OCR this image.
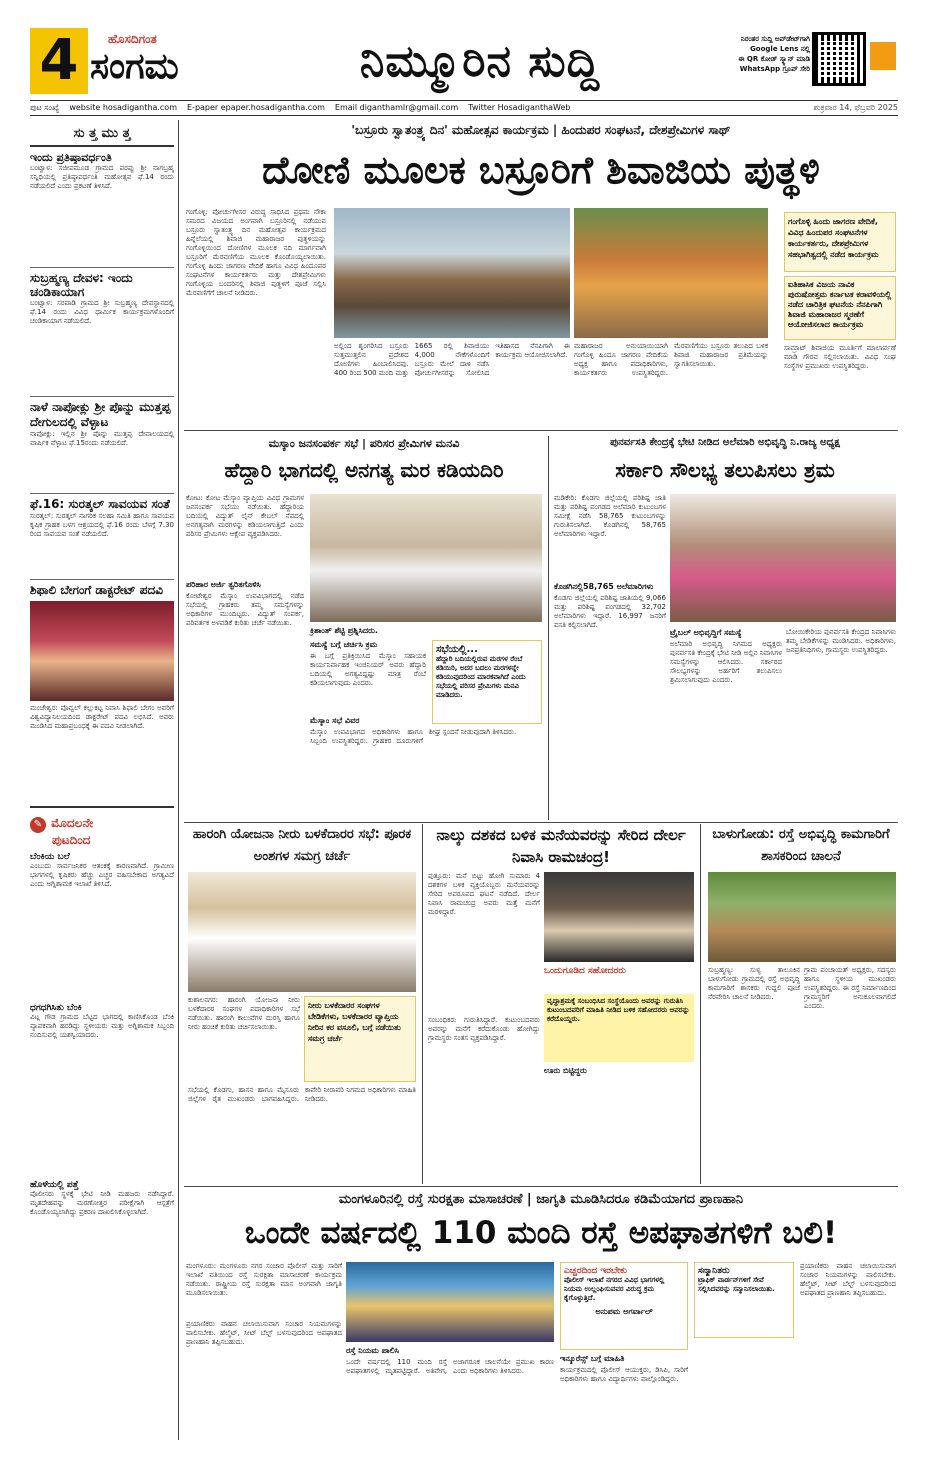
4	ಹೊಸದಿಗಂತ
ಸಂಗಮ	ನಿಮ್ಮೂರಿನ ಸುದ್ದಿ	ನಿರಂತರ ಸುದ್ದಿ ಅಪ್‌ಡೇಟ್‌ಗಾಗಿ
Google Lens ನಲ್ಲಿ
ಈ QR ಕೋಡ್ ಸ್ಕ್ಯಾನ್ ಮಾಡಿ
WhatsApp ಗ್ರೂಪ್ ಸೇರಿ
ಪುಟ ಸಂಖ್ಯೆ website hosadigantha.com E-paper epaper.hosadigantha.com Email diganthamlr@gmail.com Twitter HosadiganthaWeb	ಶುಕ್ರವಾರ 14, ಫೆಬ್ರವರಿ 2025
ಸು ತ್ತ ಮು ತ್ತ
ಇಂದು ಪ್ರತಿಷ್ಠಾವರ್ಧಂತಿ
ಬಂಟ್ವಾಳ: ಸಜೀಪಮೂಡ ಗ್ರಾಮದ ಪರಪ್ಪು ಶ್ರೀ ನಾಗಬ್ರಹ್ಮ ಸನ್ನಿಧಿಯಲ್ಲಿ ಪ್ರತಿಷ್ಠಾವರ್ಧಂತಿ ಮಹೋತ್ಸವ ಫೆ.14 ರಂದು ನಡೆಯಲಿದೆ ಎಂದು ಪ್ರಕಟಣೆ ತಿಳಿಸಿದೆ.
ಸುಬ್ರಹ್ಮಣ್ಯ ದೇವಳ: ಇಂದು ಚಂಡಿಕಾಯಾಗ
ಬಂಟ್ವಾಳ: ಸರಪಾಡಿ ಗ್ರಾಮದ ಶ್ರೀ ಸುಬ್ರಹ್ಮಣ್ಯ ದೇವಸ್ಥಾನದಲ್ಲಿ ಫೆ.14 ರಂದು ವಿವಿಧ ಧಾರ್ಮಿಕ ಕಾರ್ಯಕ್ರಮಗಳೊಂದಿಗೆ ಚಂಡಿಕಾಯಾಗ ನಡೆಯಲಿದೆ.
ನಾಳೆ ನಾಪೋಕ್ಲು ಶ್ರೀ ಪೊನ್ನು ಮುತ್ತಪ್ಪ ದೇಗುಲದಲ್ಲಿ ವೆಳ್ಳಾಟ
ನಾಪೋಕ್ಲು: ಇಲ್ಲಿನ ಶ್ರೀ ಪೊನ್ನು ಮುತ್ತಪ್ಪ ದೇವಾಲಯದಲ್ಲಿ ವಾರ್ಷಿಕ ವೆಳ್ಳಾಟ ಫೆ.15ರಂದು ನಡೆಯಲಿದೆ.
ಫೆ.16: ಸುರತ್ಕಲ್ ಸಾವಯವ ಸಂತೆ
ಸುರತ್ಕಲ್: ಸುರತ್ಕಲ್ ನಾಗರಿಕ ಸಲಹಾ ಸಮಿತಿ ಹಾಗೂ ಸಾವಯವ ಕೃಷಿಕ ಗ್ರಾಹಕ ಬಳಗ ಆಶ್ರಯದಲ್ಲಿ ಫೆ.16 ರಂದು ಬೆಳಗ್ಗೆ 7.30 ರಿಂದ ಸಾವಯವ ಸಂತೆ ನಡೆಯಲಿದೆ.
ಶಿಫಾಲಿ ಬೇಗಂಗೆ ಡಾಕ್ಟರೇಟ್ ಪದವಿ
ಮಂಜೇಶ್ವರ: ಪೊವ್ವಲ್ ಕಲ್ಲುಕಟ್ಟ ನಿವಾಸಿ ಶಿಫಾಲಿ ಬೇಗಂ ಅವರಿಗೆ ವಿಶ್ವವಿದ್ಯಾನಿಲಯದಿಂದ ಡಾಕ್ಟರೇಟ್ ಪದವಿ ಲಭಿಸಿದೆ. ಅವರು ಮಂಡಿಸಿದ ಮಹಾಪ್ರಬಂಧಕ್ಕೆ ಈ ಪದವಿ ನೀಡಲಾಗಿದೆ.
✎ ಮೊದಲನೇ
ಪುಟದಿಂದ
ಬೆಂಕಿಯ ಬಲೆ
ಎಂಬುದು ಸಾರ್ವಜನಿಕರ ಆತಂಕಕ್ಕೆ ಕಾರಣವಾಗಿದೆ. ಗ್ರಾಮೀಣ ಭಾಗಗಳಲ್ಲಿ ಕೃಷಿಕರು ಹೆಚ್ಚು ಎಚ್ಚರ ವಹಿಸಬೇಕಾದ ಅಗತ್ಯವಿದೆ ಎಂದು ಅಗ್ನಿಶಾಮಕ ಇಲಾಖೆ ತಿಳಿಸಿದೆ.
ಧಗಧಗಿಸಿತು ಬೆಂಕಿ
ವಿಟ್ಲ ಗೌಡ ಗ್ರಾಮದ ಬೆಟ್ಟದ ಭಾಗದಲ್ಲಿ ಕಾಣಿಸಿಕೊಂಡ ಬೆಂಕಿ ವ್ಯಾಪಕವಾಗಿ ಹರಡಿದ್ದು ಸ್ಥಳೀಯರು ಮತ್ತು ಅಗ್ನಿಶಾಮಕ ಸಿಬ್ಬಂದಿ ನಂದಿಸುವಲ್ಲಿ ಯಶಸ್ವಿಯಾದರು.
ಹೊಳೆಯಲ್ಲಿ ಪತ್ತೆ
ಪೊಲೀಸರು ಸ್ಥಳಕ್ಕೆ ಭೇಟಿ ನೀಡಿ ಮಹಜರು ನಡೆಸಿದ್ದಾರೆ. ಮೃತದೇಹವನ್ನು ಮರಣೋತ್ತರ ಪರೀಕ್ಷೆಗಾಗಿ ಆಸ್ಪತ್ರೆಗೆ ಕೊಂಡೊಯ್ಯಲಾಗಿದ್ದು ಪ್ರಕರಣ ದಾಖಲಿಸಿಕೊಳ್ಳಲಾಗಿದೆ.
'ಬಸ್ರೂರು ಸ್ವಾತಂತ್ರ್ಯ ದಿನ' ಮಹೋತ್ಸವ ಕಾರ್ಯಕ್ರಮ | ಹಿಂದುಪರ ಸಂಘಟನೆ, ದೇಶಪ್ರೇಮಿಗಳ ಸಾಥ್
ದೋಣಿ ಮೂಲಕ ಬಸ್ರೂರಿಗೆ ಶಿವಾಜಿಯ ಪುತ್ಥಳಿ
ಗಂಗೊಳ್ಳಿ: ಪೋರ್ಚುಗೀಸರ ವಿರುದ್ಧ ಸಾಧಿಸಿದ ಪ್ರಥಮ ನೌಕಾ ಸಮರದ ವಿಜಯದ ಅಂಗವಾಗಿ ಬಸ್ರೂರಿನಲ್ಲಿ ನಡೆಯುವ ಬಸ್ರೂರು ಸ್ವಾತಂತ್ರ್ಯ ದಿನ ಮಹೋತ್ಸವ ಕಾರ್ಯಕ್ರಮದ ಹಿನ್ನೆಲೆಯಲ್ಲಿ ಶಿವಾಜಿ ಮಹಾರಾಜರ ಪುತ್ಥಳಿಯನ್ನು ಗಂಗೊಳ್ಳಿಯಿಂದ ದೋಣಿಗಳ ಮೂಲಕ ನದಿ ಮಾರ್ಗವಾಗಿ ಬಸ್ರೂರಿಗೆ ಮೆರವಣಿಗೆಯ ಮೂಲಕ ಕೊಂಡೊಯ್ಯಲಾಯಿತು. ಗಂಗೊಳ್ಳಿ ಹಿಂದು ಜಾಗರಣ ವೇದಿಕೆ ಹಾಗೂ ವಿವಿಧ ಹಿಂದೂಪರ ಸಂಘಟನೆಗಳ ಕಾರ್ಯಕರ್ತರು ಮತ್ತು ದೇಶಪ್ರೇಮಿಗಳು ಗಂಗೊಳ್ಳಿಯ ಬಂದರಿನಲ್ಲಿ ಶಿವಾಜಿ ಪುತ್ಥಳಿಗೆ ಪೂಜೆ ಸಲ್ಲಿಸಿ ಮೆರವಣಿಗೆಗೆ ಚಾಲನೆ ನೀಡಿದರು.
ಅಲ್ಲಿಂದ ಶೃಂಗರಿಸಿದ ಬಸ್ರೂರು ಸುತ್ತಮುತ್ತಲಿನ ಪ್ರದೇಶದ ದೋಣಿಗಳು ಹಿಂಬಾಲಿಸಿದವು. 400 ರಿಂದ 500 ಮಂದಿ ಮತ್ತು 1665 ರಲ್ಲಿ ಶಿವಾಜಿಯು 4,000 ನೌಕೆಗಳೊಂದಿಗೆ ಬಸ್ರೂರು ಮೇಲೆ ದಾಳಿ ನಡೆಸಿ ಪೋರ್ಚುಗೀಸರನ್ನು ಸೋಲಿಸಿದ ಇತಿಹಾಸದ ನೆನಪಿಗಾಗಿ ಈ ಕಾರ್ಯಕ್ರಮ ಆಯೋಜಿಸಲಾಗಿದೆ.
ಮಹಾರಾಜರ ಅನುಯಾಯಿಯಾಗಿ ಗಂಗೊಳ್ಳಿ ಹಿಂದೂ ಜಾಗರಣ ವೇದಿಕೆಯ ಅಧ್ಯಕ್ಷ ಹಾಗೂ ಪದಾಧಿಕಾರಿಗಳು, ಕಾರ್ಯಕರ್ತರು ಉಪಸ್ಥಿತರಿದ್ದರು. ಮೆರವಣಿಗೆಯು ಬಸ್ರೂರು ತಲುಪಿದ ಬಳಿಕ ಶಿವಾಜಿ ಮಹಾರಾಜರ ಪ್ರತಿಮೆಯನ್ನು ಸ್ವಾಗತಿಸಲಾಯಿತು.
ಗಂಗೊಳ್ಳಿ ಹಿಂದು ಜಾಗರಣ ವೇದಿಕೆ, ವಿವಿಧ ಹಿಂದುಪರ ಸಂಘಟನೆಗಳ ಕಾರ್ಯಕರ್ತರು, ದೇಶಪ್ರೇಮಿಗಳ ಸಹಭಾಗಿತ್ವದಲ್ಲಿ ನಡೆದ ಕಾರ್ಯಕ್ರಮ
ಐತಿಹಾಸಿಕ ವಿಜಯ ನಾವಿಕ ಪುರುಷೋತ್ತಮ ಕರ್ನಾಟಕ ಕರಾವಳಿಯಲ್ಲಿ ನಡೆದ ಚಾರಿತ್ರಿಕ ಘಟನೆಯ ನೆನಪಿಗಾಗಿ ಶಿವಾಜಿ ಮಹಾರಾಜರ ಸ್ಮರಣೆಗೆ ಆಯೋಜಿಸಲಾದ ಕಾರ್ಯಕ್ರಮ
ಸಾಮ್ರಾಟ್ ಶಿವಾಜಿಯ ಮೂರ್ತಿಗೆ ಮಾಲಾರ್ಪಣೆ ಮಾಡಿ ಗೌರವ ಸಲ್ಲಿಸಲಾಯಿತು. ವಿವಿಧ ಸಂಘ ಸಂಸ್ಥೆಗಳ ಪ್ರಮುಖರು ಉಪಸ್ಥಿತರಿದ್ದರು.
ಮಸ್ಕಾಂ ಜನಸಂಪರ್ಕ ಸಭೆ | ಪರಿಸರ ಪ್ರೇಮಿಗಳ ಮನವಿ
ಹೆದ್ದಾರಿ ಭಾಗದಲ್ಲಿ ಅನಗತ್ಯ ಮರ ಕಡಿಯದಿರಿ
ಕೋಟ: ಕೋಟ ಮೆಸ್ಕಾಂ ವ್ಯಾಪ್ತಿಯ ವಿವಿಧ ಗ್ರಾಮಗಳ ಜನಸಂಪರ್ಕ ಸಭೆಯು ನಡೆಯಿತು. ಹೆದ್ದಾರಿಯ ಬದಿಯಲ್ಲಿ ವಿದ್ಯುತ್ ಲೈನ್ ಕೇಬಲ್ ನೆಪದಲ್ಲಿ ಅನಗತ್ಯವಾಗಿ ಮರಗಳನ್ನು ಕಡಿಯಲಾಗುತ್ತಿದೆ ಎಂದು ಪರಿಸರ ಪ್ರೇಮಿಗಳು ಆಕ್ಷೇಪ ವ್ಯಕ್ತಪಡಿಸಿದರು.
ಪರಿಹಾರ ಅರ್ಜಿ ತ್ವರಿತಗೊಳಿಸಿ
ಕೋಟೇಶ್ವರ ಮೆಸ್ಕಾಂ ಉಪವಿಭಾಗದಲ್ಲಿ ನಡೆದ ಸಭೆಯಲ್ಲಿ ಗ್ರಾಹಕರು ತಮ್ಮ ಸಮಸ್ಯೆಗಳನ್ನು ಅಧಿಕಾರಿಗಳ ಮುಂದಿಟ್ಟರು. ವಿದ್ಯುತ್ ಸಂಪರ್ಕ, ಪರಿವರ್ತಕ ಅಳವಡಿಕೆ ಕುರಿತು ಚರ್ಚೆ ನಡೆಯಿತು.
ಕ್ರಿಶಾಂತ್ ಶೆಟ್ಟಿ ಪ್ರಶ್ನಿಸಿದರು.
ಸಮಸ್ಯೆ ಬಗ್ಗೆ ಚರ್ಚಿಸಿ ಕ್ರಮ
ಈ ಬಗ್ಗೆ ಪ್ರತಿಕ್ರಿಯಿಸಿದ ಮೆಸ್ಕಾಂ ಸಹಾಯಕ ಕಾರ್ಯನಿರ್ವಾಹಕ ಇಂಜಿನಿಯರ್ ಅವರು ಹೆದ್ದಾರಿ ಬದಿಯಲ್ಲಿ ಅಗತ್ಯವಿದ್ದಷ್ಟು ಮಾತ್ರ ರೆಂಬೆ ಕಡಿಯಲಾಗುವುದು ಎಂದರು.
ಮೆಸ್ಕಾಂ ಸಭೆ ವಿವರ
ಮೆಸ್ಕಾಂ ಉಪವಿಭಾಗದ ಅಧಿಕಾರಿಗಳು ಹಾಗೂ ಸಿಬ್ಬಂದಿ ಉಪಸ್ಥಿತರಿದ್ದರು. ಗ್ರಾಹಕರ ದೂರುಗಳಿಗೆ ಶೀಘ್ರ ಸ್ಪಂದನೆ ನೀಡುವುದಾಗಿ ತಿಳಿಸಿದರು.
ಸಭೆಯಲ್ಲಿ...
ಹೆದ್ದಾರಿ ಬದಿಯಲ್ಲಿರುವ ಮರಗಳ ರೆಂಬೆ ಕಡಿಯಿರಿ, ಅದರ ಬದಲು ಮರಗಳನ್ನೇ ಕಡಿಯುವುದರಿಂದ ಮಾರಕವಾಗಿದೆ ಎಂದು ಸಭೆಯಲ್ಲಿ ಪರಿಸರ ಪ್ರೇಮಿಗಳು ಮನವಿ ಮಾಡಿದರು.
ಪುನರ್ವಸತಿ ಕೇಂದ್ರಕ್ಕೆ ಭೇಟಿ ನೀಡಿದ ಅಲೆಮಾರಿ ಅಭಿವೃದ್ಧಿ ನಿ.ರಾಜ್ಯ ಅಧ್ಯಕ್ಷ
ಸರ್ಕಾರಿ ಸೌಲಭ್ಯ ತಲುಪಿಸಲು ಶ್ರಮ
ಮಡಿಕೇರಿ: ಕೊಡಗು ಜಿಲ್ಲೆಯಲ್ಲಿ ಪರಿಶಿಷ್ಟ ಜಾತಿ ಮತ್ತು ಪರಿಶಿಷ್ಟ ಪಂಗಡದ ಅಲೆಮಾರಿ ಕುಟುಂಬಗಳ ಸಮೀಕ್ಷೆ ನಡೆಸಿ 58,765 ಕುಟುಂಬಗಳನ್ನು ಗುರುತಿಸಲಾಗಿದೆ. ಕೊಡಗಿನಲ್ಲಿ 58,765 ಅಲೆಮಾರಿಗಳು ಇದ್ದಾರೆ.
ಕೊಡಗಿನಲ್ಲಿ58,765 ಅಲೆಮಾರಿಗಳು
ಕೊಡಗು ಜಿಲ್ಲೆಯಲ್ಲಿ ಪರಿಶಿಷ್ಟ ಜಾತಿಯಲ್ಲಿ 9,066 ಮತ್ತು ಪರಿಶಿಷ್ಟ ಪಂಗಡದಲ್ಲಿ 32,702 ಅಲೆಮಾರಿಗಳು ಇದ್ದಾರೆ. 16,997 ಜನರಿಗೆ ವಸತಿ ಕಲ್ಪಿಸಲಾಗಿದೆ.
ಟ್ರೈಬಲ್ ಅಭಿವೃದ್ಧಿಗೆ ಸಮಸ್ಯೆ
ಅಲೆಮಾರಿ ಅಭಿವೃದ್ಧಿ ನಿಗಮದ ಅಧ್ಯಕ್ಷರು ಪುನರ್ವಸತಿ ಕೇಂದ್ರಕ್ಕೆ ಭೇಟಿ ನೀಡಿ ಅಲ್ಲಿನ ನಿವಾಸಿಗಳ ಸಮಸ್ಯೆಗಳನ್ನು ಆಲಿಸಿದರು. ಸರ್ಕಾರದ ಸೌಲಭ್ಯಗಳನ್ನು ಅರ್ಹರಿಗೆ ತಲುಪಿಸಲು ಶ್ರಮಿಸಲಾಗುವುದು ಎಂದರು.
ಬೋಯಿಕೇರಿಯ ಪುನರ್ವಸತಿ ಕೇಂದ್ರದ ನಿವಾಸಿಗಳು ತಮ್ಮ ಬೇಡಿಕೆಗಳನ್ನು ಮಂಡಿಸಿದರು. ಅಧಿಕಾರಿಗಳು, ಜನಪ್ರತಿನಿಧಿಗಳು, ಗ್ರಾಮಸ್ಥರು ಉಪಸ್ಥಿತರಿದ್ದರು.
ಹಾರಂಗಿ ಯೋಜನಾ ನೀರು ಬಳಕೆದಾರರ ಸಭೆ: ಪೂರಕ ಅಂಶಗಳ ಸಮಗ್ರ ಚರ್ಚೆ
ಕುಶಾಲನಗರ: ಹಾರಂಗಿ ಯೋಜನಾ ನೀರು ಬಳಕೆದಾರರ ಸಂಘಗಳ ಪದಾಧಿಕಾರಿಗಳ ಸಭೆ ನಡೆಯಿತು. ಹಾರಂಗಿ ಕಾಲುವೆಗಳ ದುರಸ್ತಿ ಹಾಗೂ ನೀರು ಹಂಚಿಕೆ ಕುರಿತು ಚರ್ಚಿಸಲಾಯಿತು.
ನೀರು ಬಳಕೆದಾರರ ಸಂಘಗಳ ಬೇಡಿಕೆಗಳು, ಬಳಕೆದಾರರ ವ್ಯಾಪ್ತಿಯ ನೀರಿನ ಕರ ವಸೂಲಿ, ಬಗ್ಗೆ ನಡೆಯಿತು ಸಮಗ್ರ ಚರ್ಚೆ
ಸಭೆಯಲ್ಲಿ ಕೊಡಗು, ಹಾಸನ ಹಾಗೂ ಮೈಸೂರು ಜಿಲ್ಲೆಗಳ ರೈತ ಮುಖಂಡರು ಭಾಗವಹಿಸಿದ್ದರು. ಕಾವೇರಿ ನೀರಾವರಿ ನಿಗಮದ ಅಧಿಕಾರಿಗಳು ಮಾಹಿತಿ ನೀಡಿದರು.
ನಾಲ್ಕು ದಶಕದ ಬಳಿಕ ಮನೆಯವರನ್ನು ಸೇರಿದ ದೇರ್ಲ ನಿವಾಸಿ ರಾಮಚಂದ್ರ!
ಪುತ್ತೂರು: ಮನೆ ಬಿಟ್ಟು ಹೋಗಿ ಸುಮಾರು 4 ದಶಕಗಳ ಬಳಿಕ ವ್ಯಕ್ತಿಯೊಬ್ಬರು ಮನೆಯವರನ್ನು ಸೇರಿದ ಅಪರೂಪದ ಘಟನೆ ನಡೆದಿದೆ. ದೇರ್ಲ ನಿವಾಸಿ ರಾಮಚಂದ್ರ ಅವರು ಮತ್ತೆ ಮನೆಗೆ ಮರಳಿದ್ದಾರೆ.
ಒಂದುಗೂಡಿದ ಸಹೋದರರು
ವೃದ್ಧಾಶ್ರಮಕ್ಕೆ ಸಂಬಂಧಿಸಿದ ಸಂಸ್ಥೆಯೊಂದು ಅವರನ್ನು ಗುರುತಿಸಿ ಕುಟುಂಬದವರಿಗೆ ಮಾಹಿತಿ ನೀಡಿದ ಬಳಿಕ ಸಹೋದರರು ಅವರನ್ನು ಕರೆದೊಯ್ದರು.
ಸಂಬಂಧಿಕರು ಗುರುತಿಸಿದ್ದಾರೆ. ಕುಟುಂಬದವರು ಅವರನ್ನು ಮನೆಗೆ ಕರೆದುಕೊಂಡು ಹೋಗಿದ್ದು ಗ್ರಾಮಸ್ಥರು ಸಂತಸ ವ್ಯಕ್ತಪಡಿಸಿದ್ದಾರೆ.
ಊರು ಬಿಟ್ಟಿದ್ದರು
ಬಾಳುಗೋಡು: ರಸ್ತೆ ಅಭಿವೃದ್ಧಿ ಕಾಮಗಾರಿಗೆ ಶಾಸಕರಿಂದ ಚಾಲನೆ
ಸುಬ್ರಹ್ಮಣ್ಯ: ಸುಳ್ಯ ತಾಲೂಕಿನ ಬಾಳುಗೋಡು ಗ್ರಾಮದಲ್ಲಿ ರಸ್ತೆ ಅಭಿವೃದ್ಧಿ ಕಾಮಗಾರಿಗೆ ಶಾಸಕರು ಗುದ್ದಲಿ ಪೂಜೆ ನೆರವೇರಿಸಿ ಚಾಲನೆ ನೀಡಿದರು.
ಗ್ರಾಮ ಪಂಚಾಯತ್ ಅಧ್ಯಕ್ಷರು, ಸದಸ್ಯರು ಹಾಗೂ ಸ್ಥಳೀಯ ಮುಖಂಡರು ಉಪಸ್ಥಿತರಿದ್ದರು. ಈ ರಸ್ತೆ ನಿರ್ಮಾಣದಿಂದ ಗ್ರಾಮಸ್ಥರಿಗೆ ಅನುಕೂಲವಾಗಲಿದೆ ಎಂದರು.
ಮಂಗಳೂರಿನಲ್ಲಿ ರಸ್ತೆ ಸುರಕ್ಷತಾ ಮಾಸಾಚರಣೆ | ಜಾಗೃತಿ ಮೂಡಿಸಿದರೂ ಕಡಿಮೆಯಾಗದ ಪ್ರಾಣಹಾನಿ
ಒಂದೇ ವರ್ಷದಲ್ಲಿ 110 ಮಂದಿ ರಸ್ತೆ ಅಪಘಾತಗಳಿಗೆ ಬಲಿ!
ಮಂಗಳೂರು: ಮಂಗಳೂರು ನಗರ ಸಂಚಾರ ಪೊಲೀಸ್ ಮತ್ತು ಸಾರಿಗೆ ಇಲಾಖೆ ವತಿಯಿಂದ ರಸ್ತೆ ಸುರಕ್ಷತಾ ಮಾಸಾಚರಣೆ ಕಾರ್ಯಕ್ರಮ ನಡೆಯಿತು. ರಾಷ್ಟ್ರೀಯ ರಸ್ತೆ ಸುರಕ್ಷತಾ ಮಾಸ ಅಂಗವಾಗಿ ಜಾಗೃತಿ ಮೂಡಿಸಲಾಯಿತು.
ಪ್ರಯಾಣಿಕರು ವಾಹನ ಚಲಾಯಿಸುವಾಗ ಸಂಚಾರ ನಿಯಮಗಳನ್ನು ಪಾಲಿಸಬೇಕು. ಹೆಲ್ಮೆಟ್, ಸೀಟ್ ಬೆಲ್ಟ್ ಬಳಸುವುದರಿಂದ ಅಪಘಾತದ ಪ್ರಾಣಹಾನಿ ತಪ್ಪಿಸಬಹುದು.
ರಸ್ತೆ ನಿಯಮ ಪಾಲಿಸಿ
ಒಂದೇ ವರ್ಷದಲ್ಲಿ 110 ಮಂದಿ ರಸ್ತೆ ಅಪಘಾತಗಳಲ್ಲಿ ಮೃತಪಟ್ಟಿದ್ದಾರೆ. ಅತಿವೇಗ, ಅಜಾಗರೂಕ ಚಾಲನೆಯೇ ಪ್ರಮುಖ ಕಾರಣ ಎಂದು ಅಧಿಕಾರಿಗಳು ತಿಳಿಸಿದರು.
ಎಚ್ಚರದಿಂದ ಇರಬೇಕು
ಪೊಲೀಸ್ ಇಲಾಖೆ ನಗರದ ವಿವಿಧ ಭಾಗಗಳಲ್ಲಿ ನಿಯಮ ಉಲ್ಲಂಘಿಸುವವರ ವಿರುದ್ಧ ಕ್ರಮ ಕೈಗೊಳ್ಳುತ್ತಿದೆ.
ಅನುಪಮ ಅಗರ್ವಾಲ್
ಇನ್ಶೂರೆನ್ಸ್ ಬಗ್ಗೆ ಮಾಹಿತಿ
ಕಾರ್ಯಕ್ರಮದಲ್ಲಿ ಪೊಲೀಸ್ ಆಯುಕ್ತರು, ಡಿಸಿಪಿ, ಸಾರಿಗೆ ಅಧಿಕಾರಿಗಳು ಹಾಗೂ ವಿದ್ಯಾರ್ಥಿಗಳು ಪಾಲ್ಗೊಂಡಿದ್ದರು.
ಸನ್ಮಾನಿತರು
ಟ್ರಾಫಿಕ್ ವಾರ್ಡನ್‌ಗಳಿಗೆ ಸೇವೆ ಸಲ್ಲಿಸಿದವರನ್ನು ಸನ್ಮಾನಿಸಲಾಯಿತು.
ಪ್ರಯಾಣಿಕರು ವಾಹನ ಚಲಾಯಿಸುವಾಗ ಸಂಚಾರ ನಿಯಮಗಳನ್ನು ಪಾಲಿಸಬೇಕು. ಹೆಲ್ಮೆಟ್, ಸೀಟ್ ಬೆಲ್ಟ್ ಬಳಸುವುದರಿಂದ ಅಪಘಾತದ ಪ್ರಾಣಹಾನಿ ತಪ್ಪಿಸಬಹುದು.
